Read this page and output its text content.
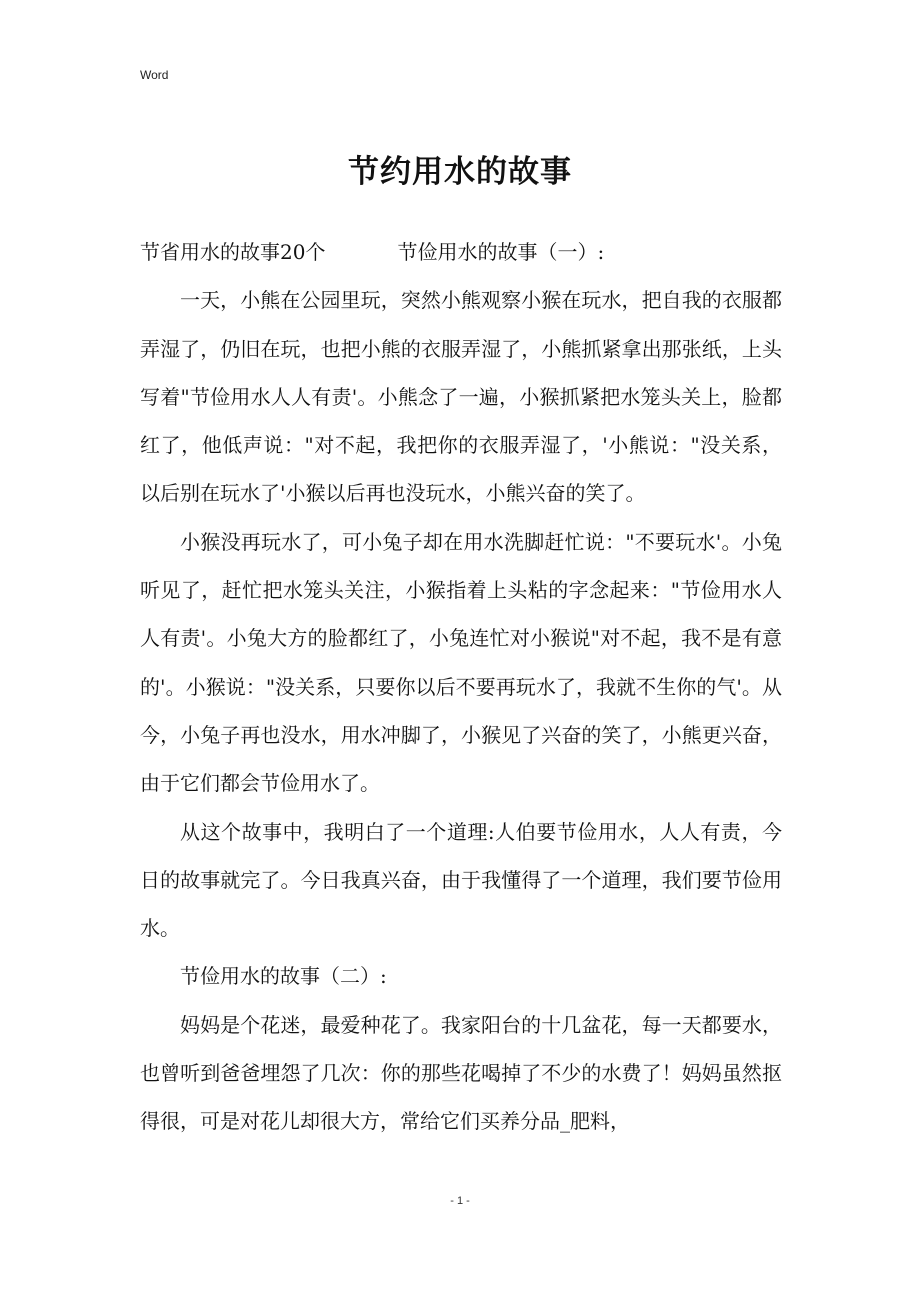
Word
节约用水的故事

节省用水的故事20个	节俭用水的故事（一）:

一天，小熊在公园里玩，突然小熊观察小猴在玩水，把自我的衣服都弄湿了，仍旧在玩，也把小熊的衣服弄湿了，小熊抓紧拿出那张纸，上头写着"节俭用水人人有责'。小熊念了一遍，小猴抓紧把水笼头关上，脸都红了，他低声说："对不起，我把你的衣服弄湿了，'小熊说："没关系，以后别在玩水了'小猴以后再也没玩水，小熊兴奋的笑了。

小猴没再玩水了，可小兔子却在用水洗脚赶忙说："不要玩水'。小兔听见了，赶忙把水笼头关注，小猴指着上头粘的字念起来："节俭用水人人有责'。小兔大方的脸都红了，小兔连忙对小猴说"对不起，我不是有意的'。小猴说："没关系，只要你以后不要再玩水了，我就不生你的气'。从今，小兔子再也没水，用水冲脚了，小猴见了兴奋的笑了，小熊更兴奋，由于它们都会节俭用水了。

从这个故事中，我明白了一个道理:人伯要节俭用水，人人有责，今日的故事就完了。今日我真兴奋，由于我懂得了一个道理，我们要节俭用水。

节俭用水的故事（二）:

妈妈是个花迷，最爱种花了。我家阳台的十几盆花，每一天都要水，也曾听到爸爸埋怨了几次：你的那些花喝掉了不少的水费了！妈妈虽然抠得很，可是对花儿却很大方，常给它们买养分品_肥料，

- 1 -
